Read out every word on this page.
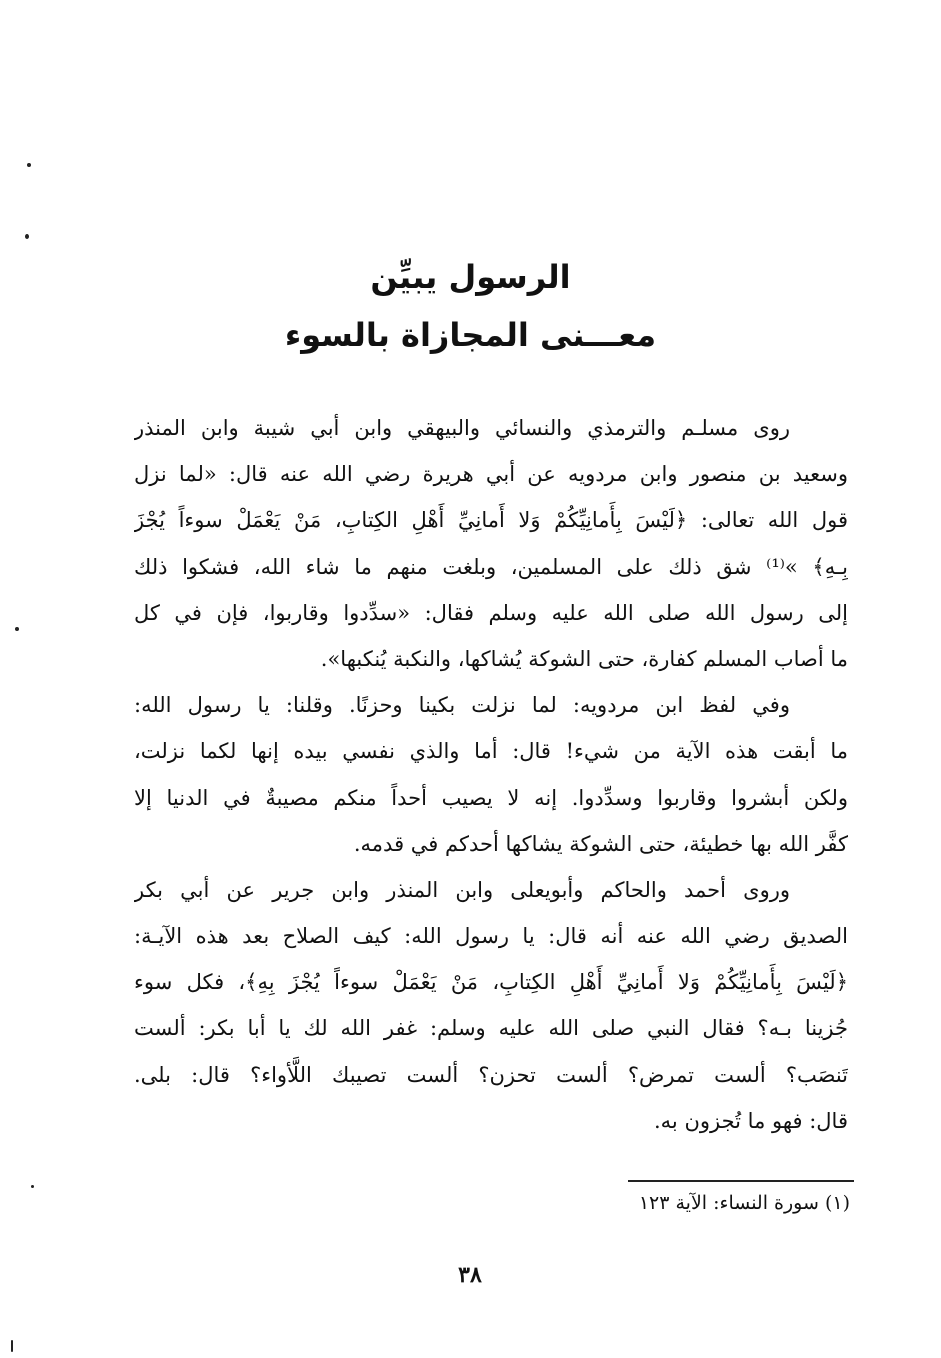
الرسول يبيِّن
معـــنى المجازاة بالسوء
روى مسلـم والترمذي والنسائي والبيهقي وابن أبي شيبة وابن المنذر
وسعيد بن منصور وابن مردويه عن أبي هريرة رضي الله عنه قال: «لما نزل
قول الله تعالى: ﴿لَيْسَ بِأَمانِيِّكُمْ وَلا أَمانِيِّ أَهْلِ الكِتابِ، مَنْ يَعْمَلْ سوءاً يُجْزَ
بِـهِ﴾ »⁽¹⁾ شق ذلك على المسلمين، وبلغت منهم ما شاء الله، فشكوا ذلك
إلى رسول الله صلى الله عليه وسلم فقال: «سدِّدوا وقاربوا، فإن في كل
ما أصاب المسلم كفارة، حتى الشوكة يُشاكها، والنكبة يُنكبها».
وفي لفظ ابن مردويه: لما نزلت بكينا وحزنًا. وقلنا: يا رسول الله:
ما أبقت هذه الآية من شيء! قال: أما والذي نفسي بيده إنها لكما نزلت،
ولكن أبشروا وقاربوا وسدِّدوا. إنه لا يصيب أحداً منكم مصيبةٌ في الدنيا إلا
كفَّر الله بها خطيئة، حتى الشوكة يشاكها أحدكم في قدمه.
وروى أحمد والحاكم وأبويعلى وابن المنذر وابن جرير عن أبي بكر
الصديق رضي الله عنه أنه قال: يا رسول الله: كيف الصلاح بعد هذه الآيـة:
﴿لَيْسَ بِأَمانِيِّكُمْ وَلا أَمانِيِّ أَهْلِ الكِتابِ، مَنْ يَعْمَلْ سوءاً يُجْزَ بِهِ﴾، فكل سوء
جُزينا بـه؟ فقال النبي صلى الله عليه وسلم: غفر الله لك يا أبا بكر: ألست
تَنصَب؟ ألست تمرض؟ ألست تحزن؟ ألست تصيبك اللَّأواء؟ قال: بلى.
قال: فهو ما تُجزون به.
(١) سورة النساء: الآية ١٢٣
٣٨
